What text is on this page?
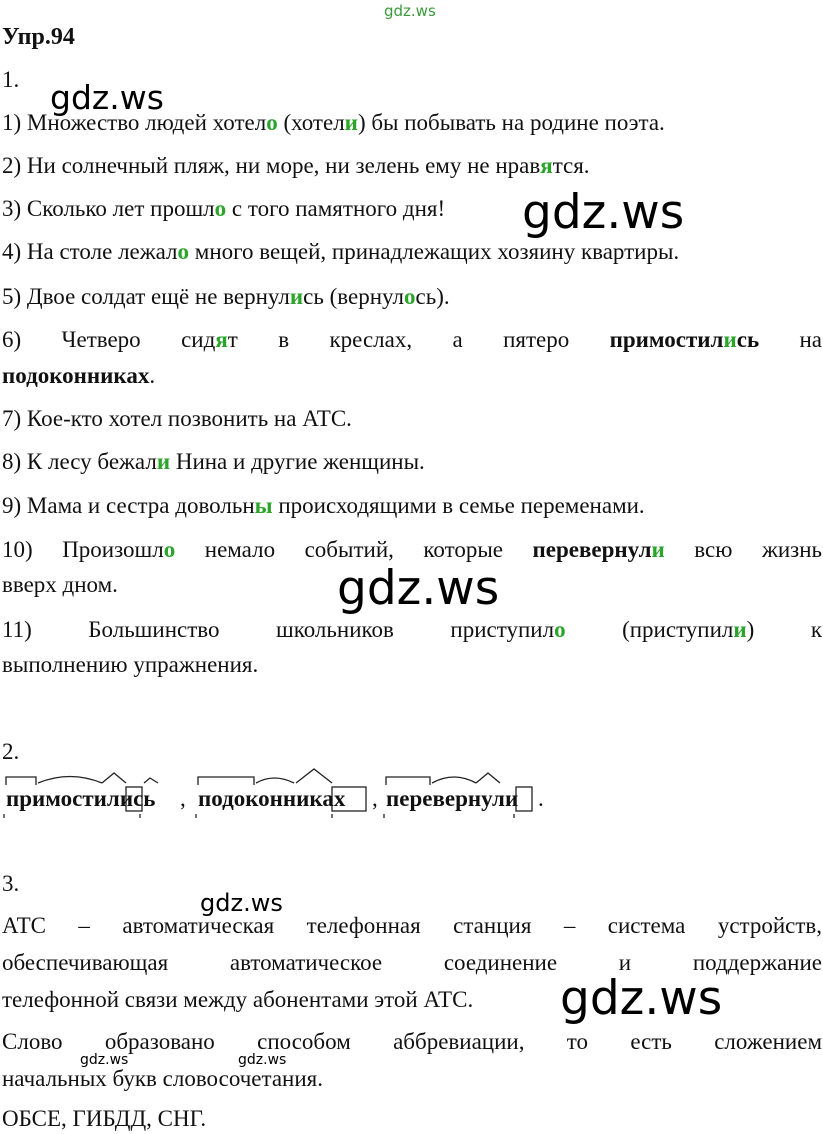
gdz.ws
Упр.94
1.
1) Множество людей хотело (хотели) бы побывать на родине поэта.
2) Ни солнечный пляж, ни море, ни зелень ему не нравятся.
3) Сколько лет прошло с того памятного дня!
4) На столе лежало много вещей, принадлежащих хозяину квартиры.
5) Двое солдат ещё не вернулись (вернулось).
6) Четверо сидят в креслах, а пятеро примостились на
подоконниках.
7) Кое-кто хотел позвонить на АТС.
8) К лесу бежали Нина и другие женщины.
9) Мама и сестра довольны происходящими в семье переменами.
10) Произошло немало событий, которые перевернули всю жизнь
вверх дном.
11) Большинство школьников приступило (приступили) к
выполнению упражнения.
2.
примостились , подоконниках , перевернули .
3.
АТС – автоматическая телефонная станция – система устройств,
обеспечивающая	автоматическое	соединение	и	поддержание
телефонной связи между абонентами этой АТС.
Слово образовано способом аббревиации, то есть сложением
начальных букв словосочетания.
ОБСЕ, ГИБДД, СНГ.
gdz.ws
gdz.ws
gdz.ws
gdz.ws
gdz.ws
gdz.ws	gdz.ws
